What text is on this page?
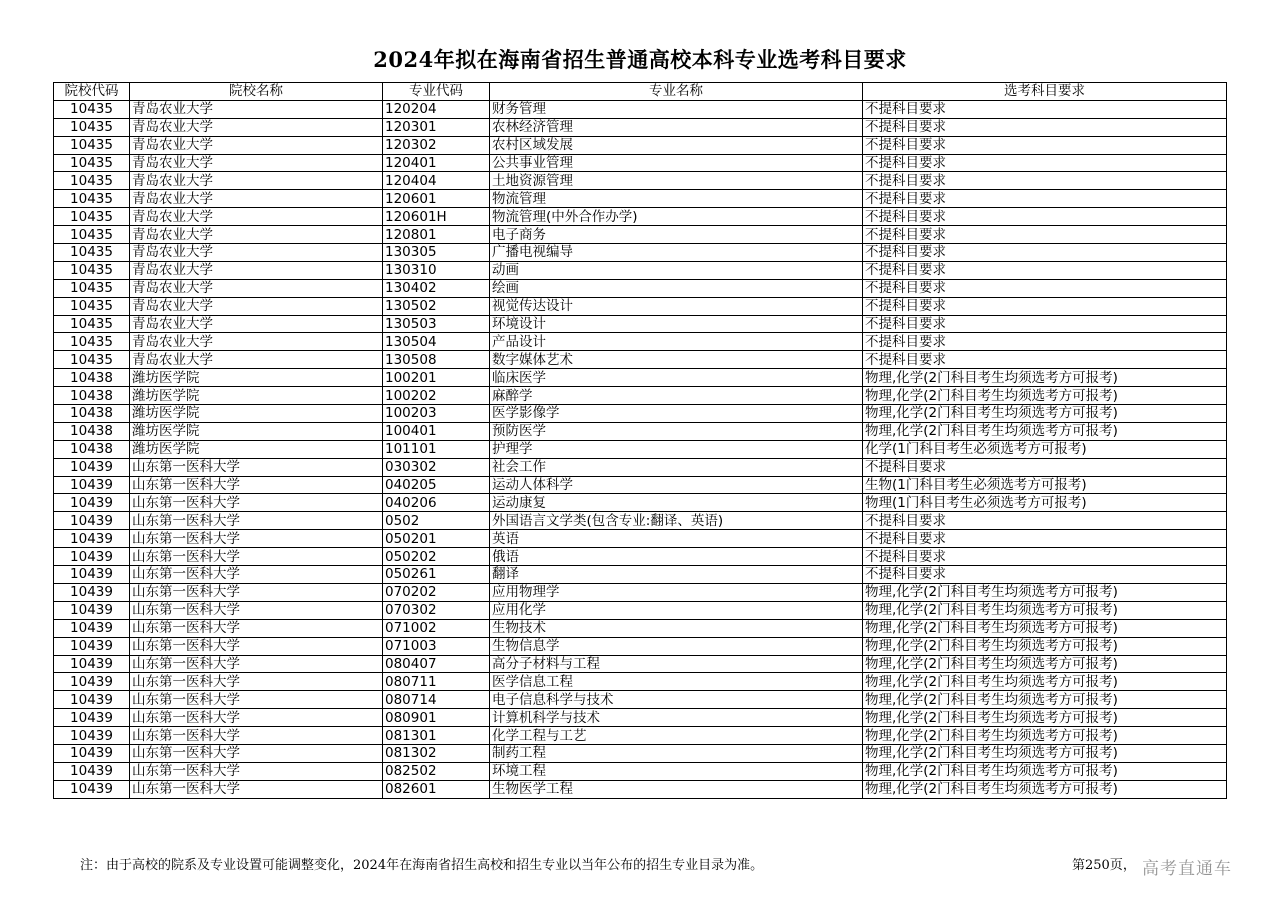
2024年拟在海南省招生普通高校本科专业选考科目要求
院校代码	院校名称	专业代码	专业名称	选考科目要求
10435	青岛农业大学	120204	财务管理	不提科目要求
10435	青岛农业大学	120301	农林经济管理	不提科目要求
10435	青岛农业大学	120302	农村区域发展	不提科目要求
10435	青岛农业大学	120401	公共事业管理	不提科目要求
10435	青岛农业大学	120404	土地资源管理	不提科目要求
10435	青岛农业大学	120601	物流管理	不提科目要求
10435	青岛农业大学	120601H	物流管理(中外合作办学)	不提科目要求
10435	青岛农业大学	120801	电子商务	不提科目要求
10435	青岛农业大学	130305	广播电视编导	不提科目要求
10435	青岛农业大学	130310	动画	不提科目要求
10435	青岛农业大学	130402	绘画	不提科目要求
10435	青岛农业大学	130502	视觉传达设计	不提科目要求
10435	青岛农业大学	130503	环境设计	不提科目要求
10435	青岛农业大学	130504	产品设计	不提科目要求
10435	青岛农业大学	130508	数字媒体艺术	不提科目要求
10438	潍坊医学院	100201	临床医学	物理,化学(2门科目考生均须选考方可报考)
10438	潍坊医学院	100202	麻醉学	物理,化学(2门科目考生均须选考方可报考)
10438	潍坊医学院	100203	医学影像学	物理,化学(2门科目考生均须选考方可报考)
10438	潍坊医学院	100401	预防医学	物理,化学(2门科目考生均须选考方可报考)
10438	潍坊医学院	101101	护理学	化学(1门科目考生必须选考方可报考)
10439	山东第一医科大学	030302	社会工作	不提科目要求
10439	山东第一医科大学	040205	运动人体科学	生物(1门科目考生必须选考方可报考)
10439	山东第一医科大学	040206	运动康复	物理(1门科目考生必须选考方可报考)
10439	山东第一医科大学	0502	外国语言文学类(包含专业:翻译、英语)	不提科目要求
10439	山东第一医科大学	050201	英语	不提科目要求
10439	山东第一医科大学	050202	俄语	不提科目要求
10439	山东第一医科大学	050261	翻译	不提科目要求
10439	山东第一医科大学	070202	应用物理学	物理,化学(2门科目考生均须选考方可报考)
10439	山东第一医科大学	070302	应用化学	物理,化学(2门科目考生均须选考方可报考)
10439	山东第一医科大学	071002	生物技术	物理,化学(2门科目考生均须选考方可报考)
10439	山东第一医科大学	071003	生物信息学	物理,化学(2门科目考生均须选考方可报考)
10439	山东第一医科大学	080407	高分子材料与工程	物理,化学(2门科目考生均须选考方可报考)
10439	山东第一医科大学	080711	医学信息工程	物理,化学(2门科目考生均须选考方可报考)
10439	山东第一医科大学	080714	电子信息科学与技术	物理,化学(2门科目考生均须选考方可报考)
10439	山东第一医科大学	080901	计算机科学与技术	物理,化学(2门科目考生均须选考方可报考)
10439	山东第一医科大学	081301	化学工程与工艺	物理,化学(2门科目考生均须选考方可报考)
10439	山东第一医科大学	081302	制药工程	物理,化学(2门科目考生均须选考方可报考)
10439	山东第一医科大学	082502	环境工程	物理,化学(2门科目考生均须选考方可报考)
10439	山东第一医科大学	082601	生物医学工程	物理,化学(2门科目考生均须选考方可报考)
注：由于高校的院系及专业设置可能调整变化，2024年在海南省招生高校和招生专业以当年公布的招生专业目录为准。	第250页， 高考直通车
